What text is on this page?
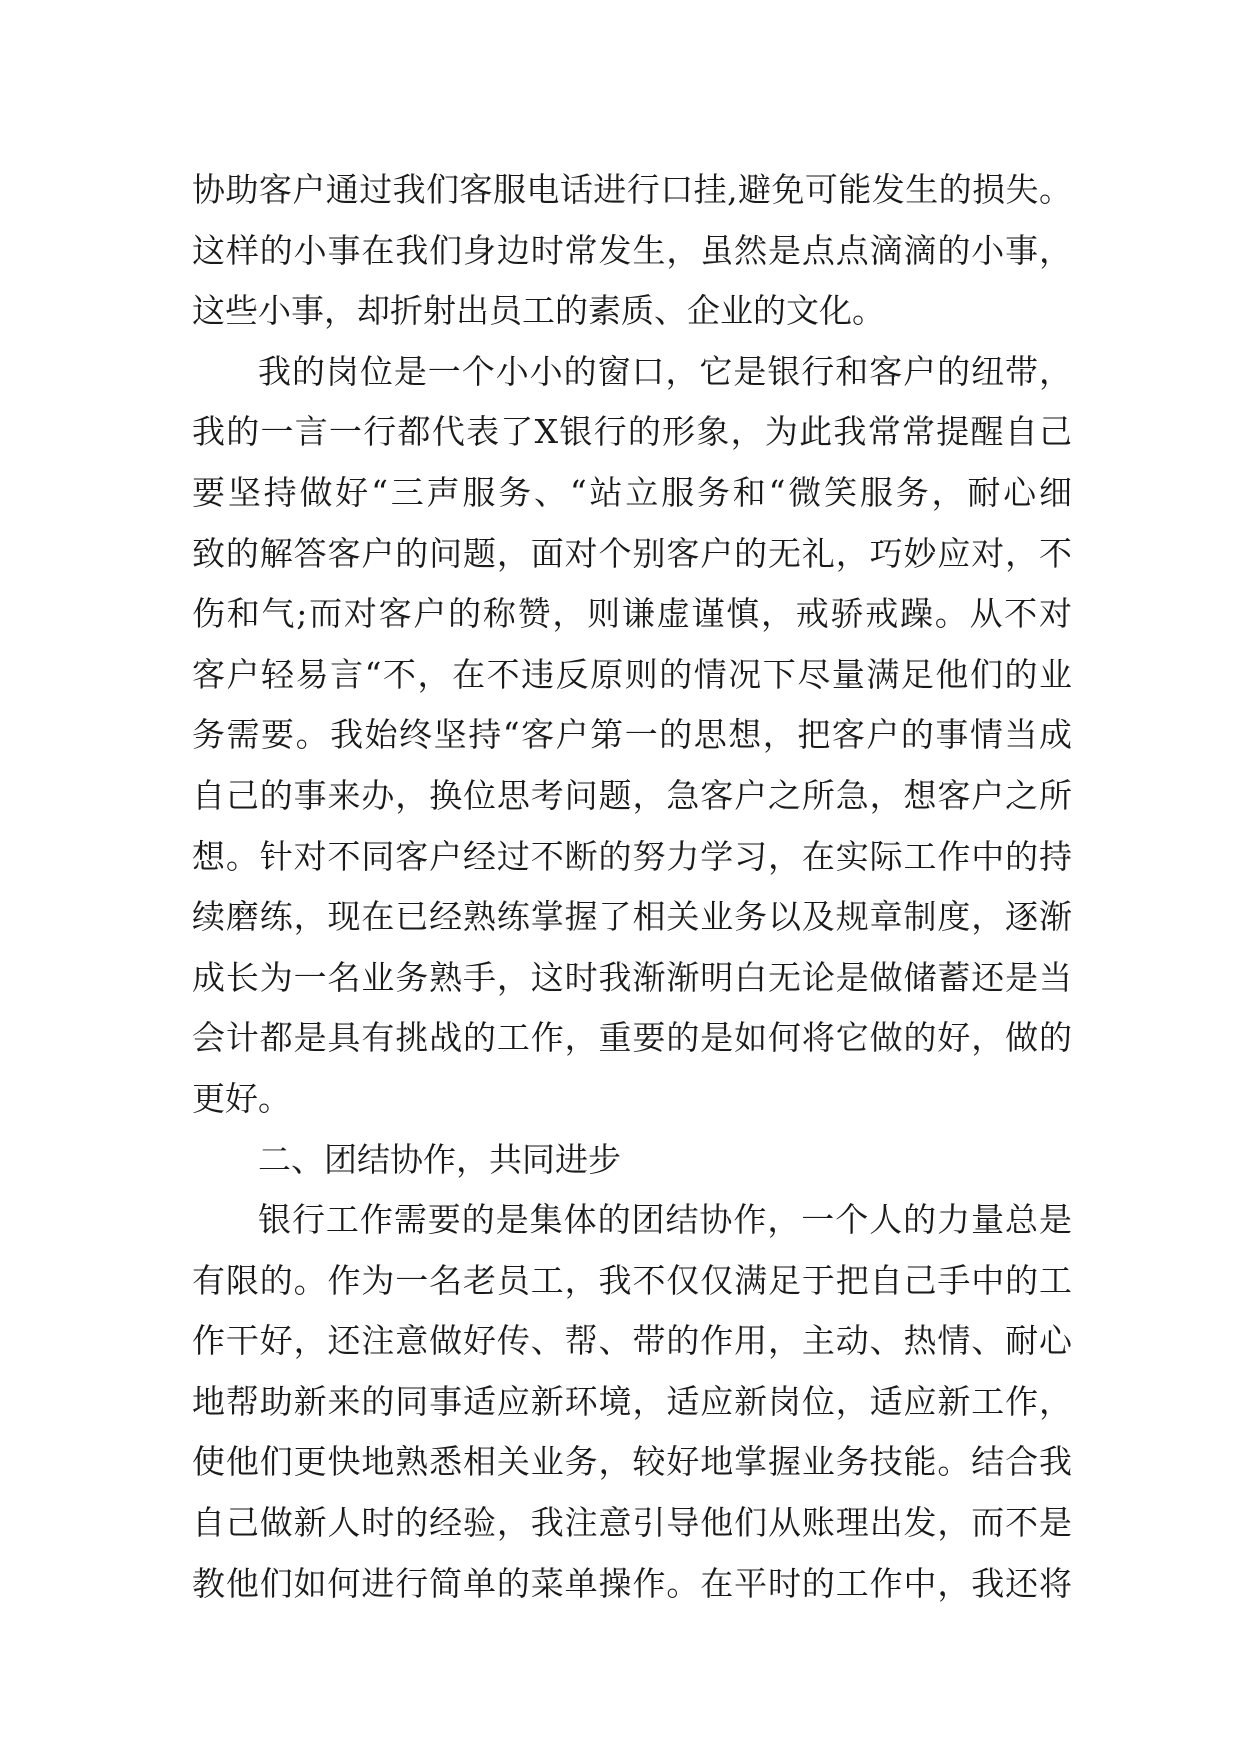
协助客户通过我们客服电话进行口挂,避免可能发生的损失。
这样的小事在我们身边时常发生，虽然是点点滴滴的小事，
这些小事，却折射出员工的素质、企业的文化。
我的岗位是一个小小的窗口，它是银行和客户的纽带，
我的一言一行都代表了X银行的形象，为此我常常提醒自己
要坚持做好“三声服务、“站立服务和“微笑服务，耐心细
致的解答客户的问题，面对个别客户的无礼，巧妙应对，不
伤和气;而对客户的称赞，则谦虚谨慎，戒骄戒躁。从不对
客户轻易言“不，在不违反原则的情况下尽量满足他们的业
务需要。我始终坚持“客户第一的思想，把客户的事情当成
自己的事来办，换位思考问题，急客户之所急，想客户之所
想。针对不同客户经过不断的努力学习，在实际工作中的持
续磨练，现在已经熟练掌握了相关业务以及规章制度，逐渐
成长为一名业务熟手，这时我渐渐明白无论是做储蓄还是当
会计都是具有挑战的工作，重要的是如何将它做的好，做的
更好。
二、团结协作，共同进步
银行工作需要的是集体的团结协作，一个人的力量总是
有限的。作为一名老员工，我不仅仅满足于把自己手中的工
作干好，还注意做好传、帮、带的作用，主动、热情、耐心
地帮助新来的同事适应新环境，适应新岗位，适应新工作，
使他们更快地熟悉相关业务，较好地掌握业务技能。结合我
自己做新人时的经验，我注意引导他们从账理出发，而不是
教他们如何进行简单的菜单操作。在平时的工作中，我还将
